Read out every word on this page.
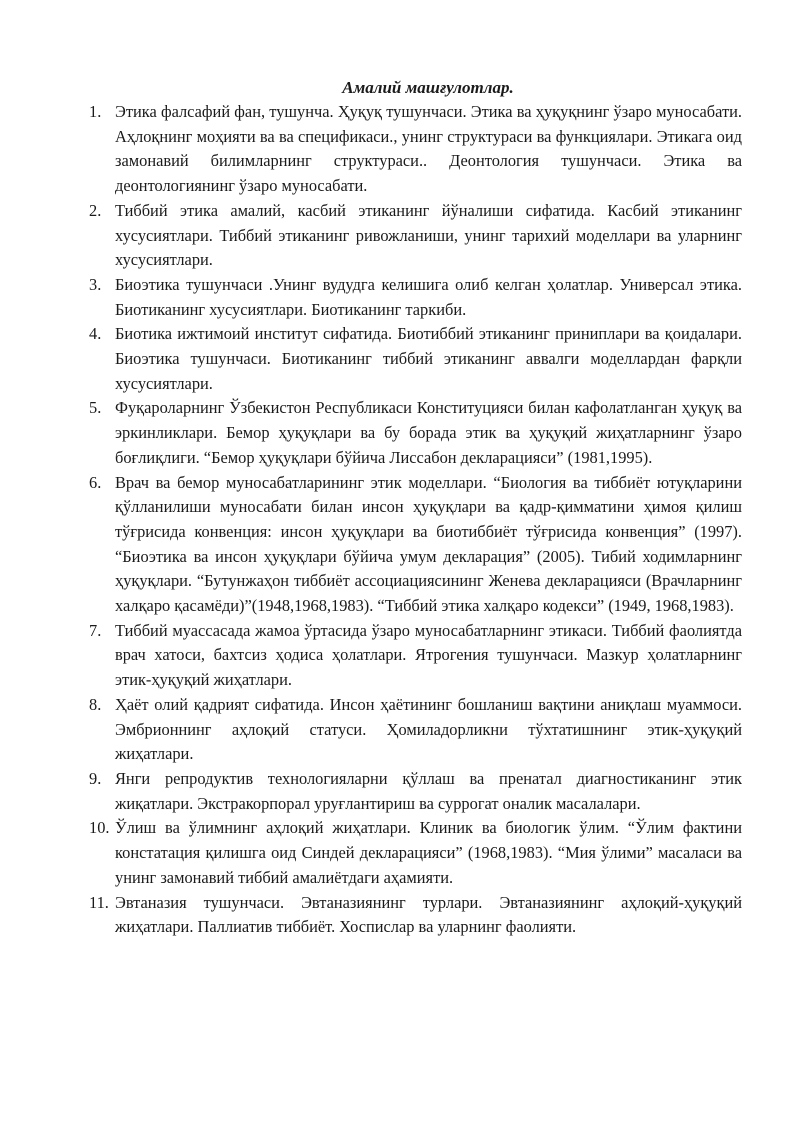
Амалий машғулотлар.
1. Этика фалсафий фан, тушунча. Ҳуқуқ тушунчаси. Этика ва ҳуқуқнинг ўзаро муносабати. Аҳлоқнинг моҳияти ва ва спецификаси., унинг структураси ва функциялари. Этикага оид замонавий билимларнинг структураси.. Деонтология тушунчаси. Этика ва деонтологиянинг ўзаро муносабати.
2. Тиббий этика амалий, касбий этиканинг йўналиши сифатида. Касбий этиканинг хусусиятлари. Тиббий этиканинг ривожланиши, унинг тарихий моделлари ва уларнинг хусусиятлари.
3. Биоэтика тушунчаси .Унинг вудудга келишига олиб келган ҳолатлар. Универсал этика. Биотиканинг хусусиятлари. Биотиканинг таркиби.
4. Биотика ижтимоий институт сифатида. Биотиббий этиканинг приниплари ва қоидалари. Биоэтика тушунчаси. Биотиканинг тиббий этиканинг аввалги моделлардан фарқли хусусиятлари.
5. Фуқароларнинг Ўзбекистон Республикаси Конституцияси билан кафолатланган ҳуқуқ ва эркинликлари. Бемор ҳуқуқлари ва бу борада этик ва ҳуқуқий жиҳатларнинг ўзаро боғлиқлиги. “Бемор ҳуқуқлари бўйича Лиссабон декларацияси” (1981,1995).
6. Врач ва бемор муносабатларининг этик моделлари. “Биология ва тиббиёт ютуқларини қўлланилиши муносабати билан инсон ҳуқуқлари ва қадр-қимматини ҳимоя қилиш тўғрисида конвенция: инсон ҳуқуқлари ва биотиббиёт тўғрисида конвенция” (1997). “Биоэтика ва инсон ҳуқуқлари бўйича умум декларация” (2005). Тибий ходимларнинг ҳуқуқлари. “Бутунжаҳон тиббиёт ассоциациясининг Женева декларацияси (Врачларнинг халқаро қасамёди)”(1948,1968,1983). “Тиббий этика халқаро кодекси” (1949, 1968,1983).
7. Тиббий муассасада жамоа ўртасида ўзаро муносабатларнинг этикаси. Тиббий фаолиятда врач хатоси, бахтсиз ҳодиса ҳолатлари. Ятрогения тушунчаси. Мазкур ҳолатларнинг этик-ҳуқуқий жиҳатлари.
8. Ҳаёт олий қадрият сифатида. Инсон ҳаётининг бошланиш вақтини аниқлаш муаммоси. Эмбрионнинг аҳлоқий статуси. Ҳомиладорликни тўхтатишнинг этик-ҳуқуқий жиҳатлари.
9. Янги репродуктив технологияларни қўллаш ва пренатал диагностиканинг этик жиқатлари. Экстракорпорал уруғлантириш ва суррогат оналик масалалари.
10. Ўлиш ва ўлимнинг аҳлоқий жиҳатлари. Клиник ва биологик ўлим. “Ўлим фактини констатация қилишга оид Синдей декларацияси” (1968,1983). “Мия ўлими” масаласи ва унинг замонавий тиббий амалиётдаги аҳамияти.
11. Эвтаназия тушунчаси. Эвтаназиянинг турлари. Эвтаназиянинг аҳлоқий-ҳуқуқий жиҳатлари. Паллиатив тиббиёт. Хоспислар ва уларнинг фаолияти.
